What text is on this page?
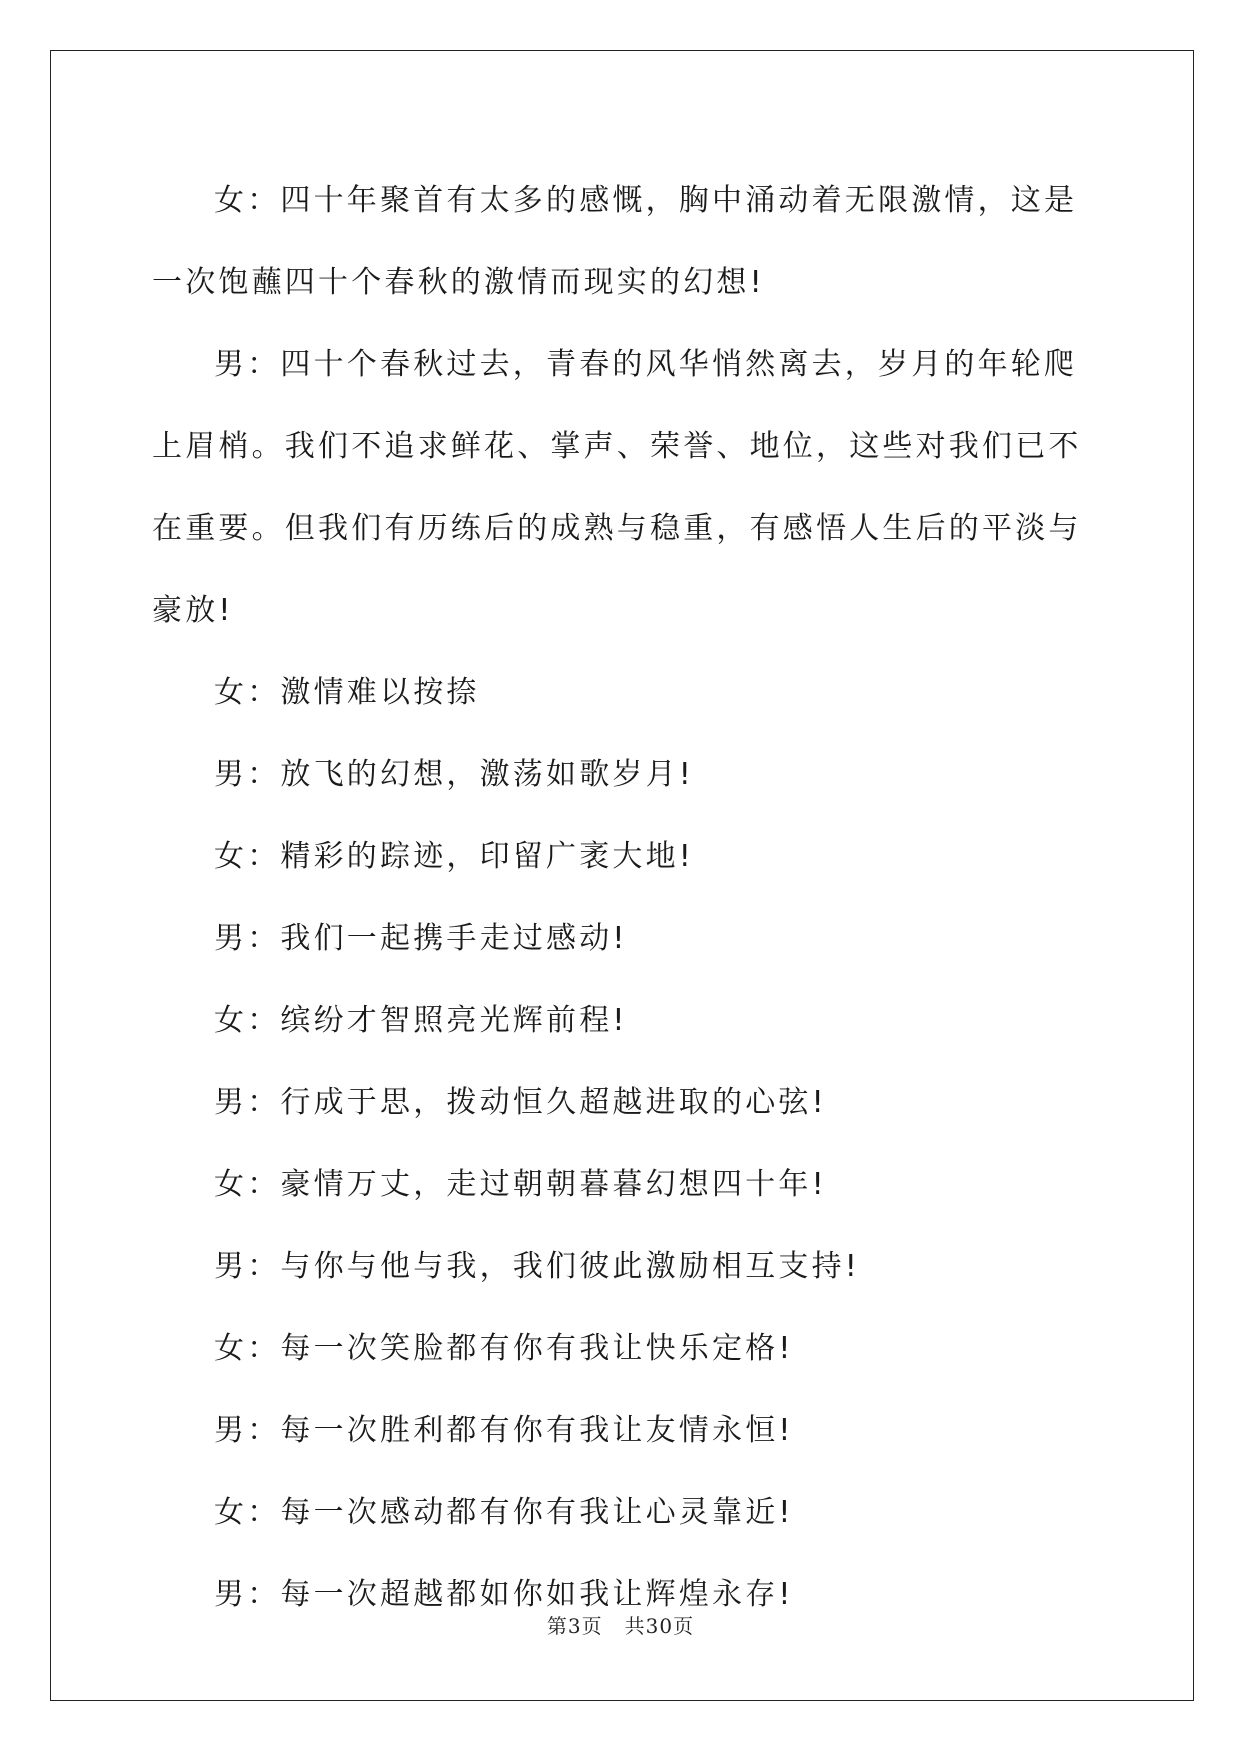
女：四十年聚首有太多的感慨，胸中涌动着无限激情，这是一次饱蘸四十个春秋的激情而现实的幻想!

男：四十个春秋过去，青春的风华悄然离去，岁月的年轮爬上眉梢。我们不追求鲜花、掌声、荣誉、地位，这些对我们已不在重要。但我们有历练后的成熟与稳重，有感悟人生后的平淡与豪放!

女：激情难以按捺

男：放飞的幻想，激荡如歌岁月!

女：精彩的踪迹，印留广袤大地!

男：我们一起携手走过感动!

女：缤纷才智照亮光辉前程!

男：行成于思，拨动恒久超越进取的心弦!

女：豪情万丈，走过朝朝暮暮幻想四十年!

男：与你与他与我，我们彼此激励相互支持!

女：每一次笑脸都有你有我让快乐定格!

男：每一次胜利都有你有我让友情永恒!

女：每一次感动都有你有我让心灵靠近!

男：每一次超越都如你如我让辉煌永存!

第3页 共30页
